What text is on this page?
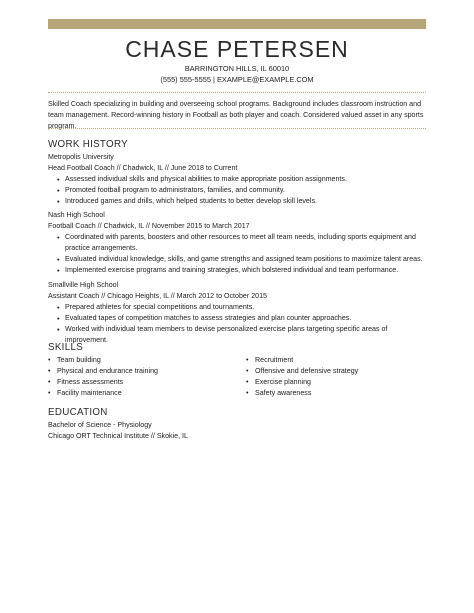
CHASE PETERSEN
BARRINGTON HILLS, IL 60010
(555) 555-5555 | EXAMPLE@EXAMPLE.COM
Skilled Coach specializing in building and overseeing school programs. Background includes classroom instruction and team management. Record-winning history in Football as both player and coach. Considered valued asset in any sports program.
WORK HISTORY
Metropolis University
Head Football Coach // Chadwick, IL // June 2018 to Current
• Assessed individual skills and physical abilities to make appropriate position assignments.
• Promoted football program to administrators, families, and community.
• Introduced games and drills, which helped students to better develop skill levels.
Nash High School
Football Coach // Chadwick, IL // November 2015 to March 2017
• Coordinated with parents, boosters and other resources to meet all team needs, including sports equipment and practice arrangements.
• Evaluated individual knowledge, skills, and game strengths and assigned team positions to maximize talent areas.
• Implemented exercise programs and training strategies, which bolstered individual and team performance.
Smallville High School
Assistant Coach // Chicago Heights, IL // March 2012 to October 2015
• Prepared athletes for special competitions and tournaments.
• Evaluated tapes of competition matches to assess strategies and plan counter approaches.
• Worked with individual team members to devise personalized exercise plans targeting specific areas of improvement.
SKILLS
• Team building
• Physical and endurance training
• Fitness assessments
• Facility maintenance
• Recruitment
• Offensive and defensive strategy
• Exercise planning
• Safety awareness
EDUCATION
Bachelor of Science - Physiology
Chicago ORT Technical Institute // Skokie, IL
